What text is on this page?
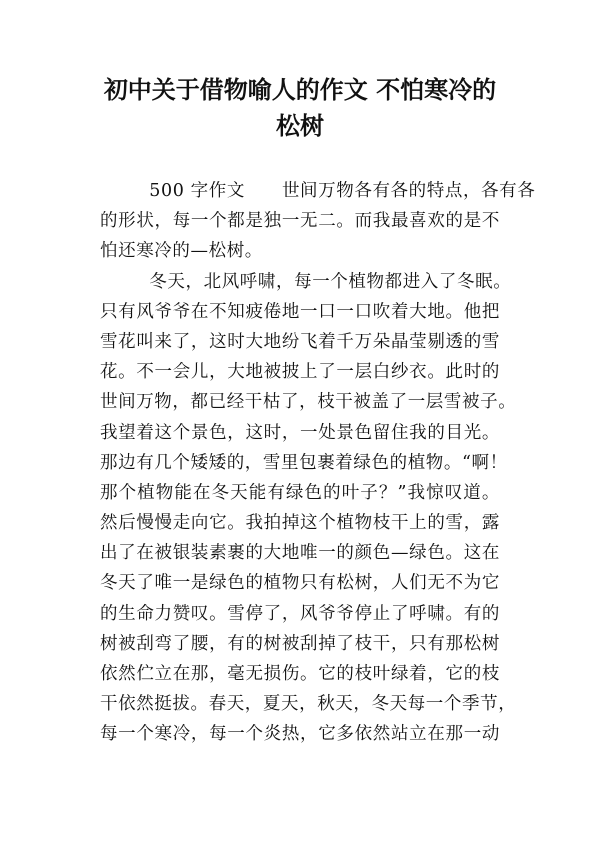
初中关于借物喻人的作文 不怕寒冷的
松树
500 字作文      世间万物各有各的特点，各有各
的形状，每一个都是独一无二。而我最喜欢的是不
怕还寒冷的—松树。
冬天，北风呼啸，每一个植物都进入了冬眠。
只有风爷爷在不知疲倦地一口一口吹着大地。他把
雪花叫来了，这时大地纷飞着千万朵晶莹剔透的雪
花。不一会儿，大地被披上了一层白纱衣。此时的
世间万物，都已经干枯了，枝干被盖了一层雪被子。
我望着这个景色，这时，一处景色留住我的目光。
那边有几个矮矮的，雪里包裹着绿色的植物。“啊！
那个植物能在冬天能有绿色的叶子？”我惊叹道。
然后慢慢走向它。我拍掉这个植物枝干上的雪，露
出了在被银装素裹的大地唯一的颜色—绿色。这在
冬天了唯一是绿色的植物只有松树，人们无不为它
的生命力赞叹。雪停了，风爷爷停止了呼啸。有的
树被刮弯了腰，有的树被刮掉了枝干，只有那松树
依然伫立在那，毫无损伤。它的枝叶绿着，它的枝
干依然挺拔。春天，夏天，秋天，冬天每一个季节，
每一个寒冷，每一个炎热，它多依然站立在那一动
